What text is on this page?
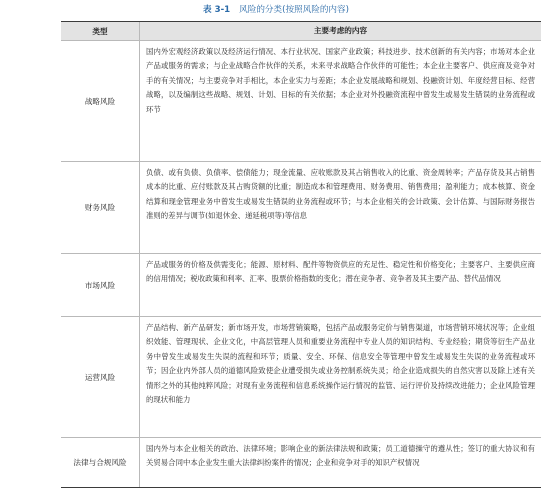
表 3-1 风险的分类(按照风险的内容)
类型	主要考虑的内容
战略风险
国内外宏观经济政策以及经济运行情况、本行业状况、国家产业政策；科技进步、技术创新的有关内容；市场对本企业产品或服务的需求；与企业战略合作伙伴的关系，未来寻求战略合作伙伴的可能性；本企业主要客户、供应商及竞争对手的有关情况；与主要竞争对手相比，本企业实力与差距；本企业发展战略和规划、投融资计划、年度经营目标、经营战略，以及编制这些战略、规划、计划、目标的有关依据；本企业对外投融资流程中曾发生或易发生错误的业务流程或环节
财务风险
负债、或有负债、负债率、偿债能力；现金流量、应收账款及其占销售收入的比重、资金周转率；产品存货及其占销售成本的比重、应付账款及其占购货额的比重；制造成本和管理费用、财务费用、销售费用；盈利能力；成本核算、资金结算和现金管理业务中曾发生或易发生错误的业务流程或环节；与本企业相关的会计政策、会计估算、与国际财务报告准则的差异与调节(如退休金、递延税项等)等信息
市场风险
产品或服务的价格及供需变化；能源、原材料、配件等物资供应的充足性、稳定性和价格变化；主要客户、主要供应商的信用情况；税收政策和利率、汇率、股票价格指数的变化；潜在竞争者、竞争者及其主要产品、替代品情况
运营风险
产品结构、新产品研发；新市场开发，市场营销策略，包括产品或服务定价与销售渠道，市场营销环境状况等；企业组织效能、管理现状、企业文化，中高层管理人员和重要业务流程中专业人员的知识结构、专业经验；期货等衍生产品业务中曾发生或易发生失误的流程和环节；质量、安全、环保、信息安全等管理中曾发生或易发生失误的业务流程或环节；因企业内外部人员的道德风险致使企业遭受损失或业务控制系统失灵；给企业造成损失的自然灾害以及除上述有关情形之外的其他纯粹风险；对现有业务流程和信息系统操作运行情况的监管、运行评价及持续改进能力；企业风险管理的现状和能力
法律与合规风险
国内外与本企业相关的政治、法律环境；影响企业的新法律法规和政策；员工道德操守的遵从性；签订的重大协议和有关贸易合同中本企业发生重大法律纠纷案件的情况；企业和竞争对手的知识产权情况
